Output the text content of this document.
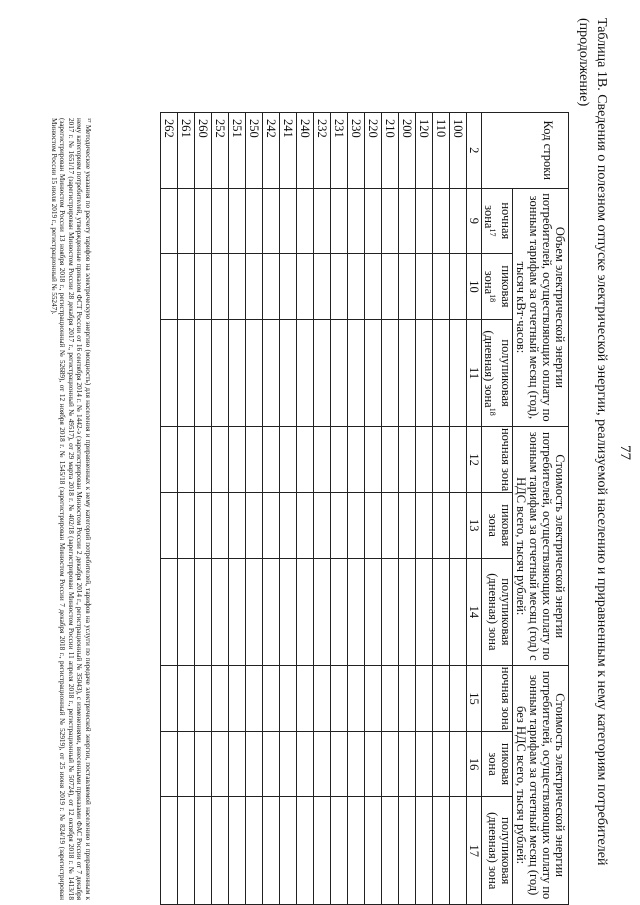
77
Таблица 1В. Сведения о полезном отпуске электрической энергии, реализуемой населению и приравненным к нему категориям потребителей
(продолжение)
Код строки	Объем электрической энергии потребителей, осуществляющих оплату по зонным тарифам за отчетный месяц (год), тысяч кВт·часов:			Стоимость электрической энергии потребителей, осуществляющих оплату по зонным тарифам за отчетный месяц (год) с НДС всего, тысяч рублей:			Стоимость электрической энергии потребителей, осуществляющих оплату по зонным тарифам за отчетный месяц (год) без НДС всего, тысяч рублей:		
	ночная зона$^{17}$	пиковая зона$^{18}$	полупиковая (дневная) зона$^{18}$	ночная зона	пиковая зона	полупиковая (дневная) зона	ночная зона	пиковая зона	полупиковая (дневная) зона
2	9	10	11	12	13	14	15	16	17
100									
110									
120									
200									
210									
220									
230									
231									
232									
240									
241									
242									
250									
251									
252									
260									
261									
262									
¹⁷ Методические указания по расчету тарифов на электрическую энергию (мощность) для населения и приравненных к нему категорий потребителей, тарифов на услуги по передаче электрической энергии, поставляемой населению и приравненным к нему категориям потребителей, утвержденные приказом ФСТ России от 16 сентября 2014 г. № 1442-э (зарегистрирован Минюстом России 2 декабря 2014 г., регистрационный № 35043), с изменениями, внесенными приказами ФАС России от 7 декабря 2017 г. № 1651/17 (зарегистрирован Минюстом России 28 декабря 2017 г., регистрационный № 49517), от 29 марта 2018 г. № 402/18 (зарегистрирован Минюстом России 11 апреля 2018 г., регистрационный № 50724), от 12 октября 2018 г. № 1413/18 (зарегистрирован Минюстом России 13 ноября 2018 г., регистрационный № 52689), от 12 ноября 2018 г. № 1545/18 (зарегистрирован Минюстом России 7 декабря 2018 г., регистрационный № 52919), от 25 июня 2019 г. № 824/19 (зарегистрирован Минюстом России 15 июля 2019 г., регистрационный № 55247).
